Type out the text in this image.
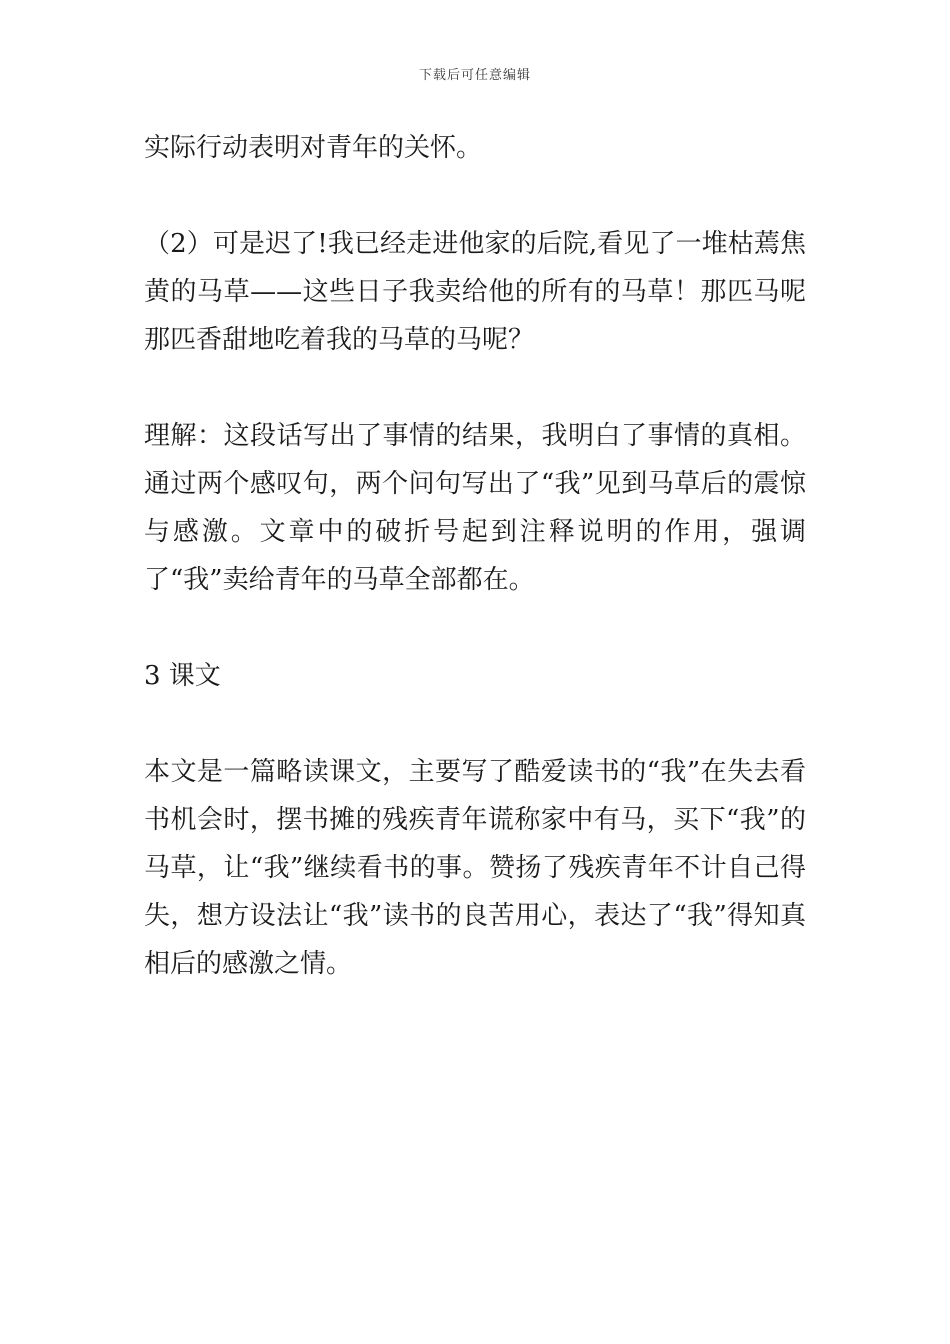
下载后可任意编辑

实际行动表明对青年的关怀。

（2）可是迟了!我已经走进他家的后院,看见了一堆枯蔫焦黄的马草——这些日子我卖给他的所有的马草！那匹马呢那匹香甜地吃着我的马草的马呢？

理解：这段话写出了事情的结果，我明白了事情的真相。通过两个感叹句，两个问句写出了“我”见到马草后的震惊与感激。文章中的破折号起到注释说明的作用，强调了“我”卖给青年的马草全部都在。

3 课文

本文是一篇略读课文，主要写了酷爱读书的“我”在失去看书机会时，摆书摊的残疾青年谎称家中有马，买下“我”的马草，让“我”继续看书的事。赞扬了残疾青年不计自己得失，想方设法让“我”读书的良苦用心，表达了“我”得知真相后的感激之情。
